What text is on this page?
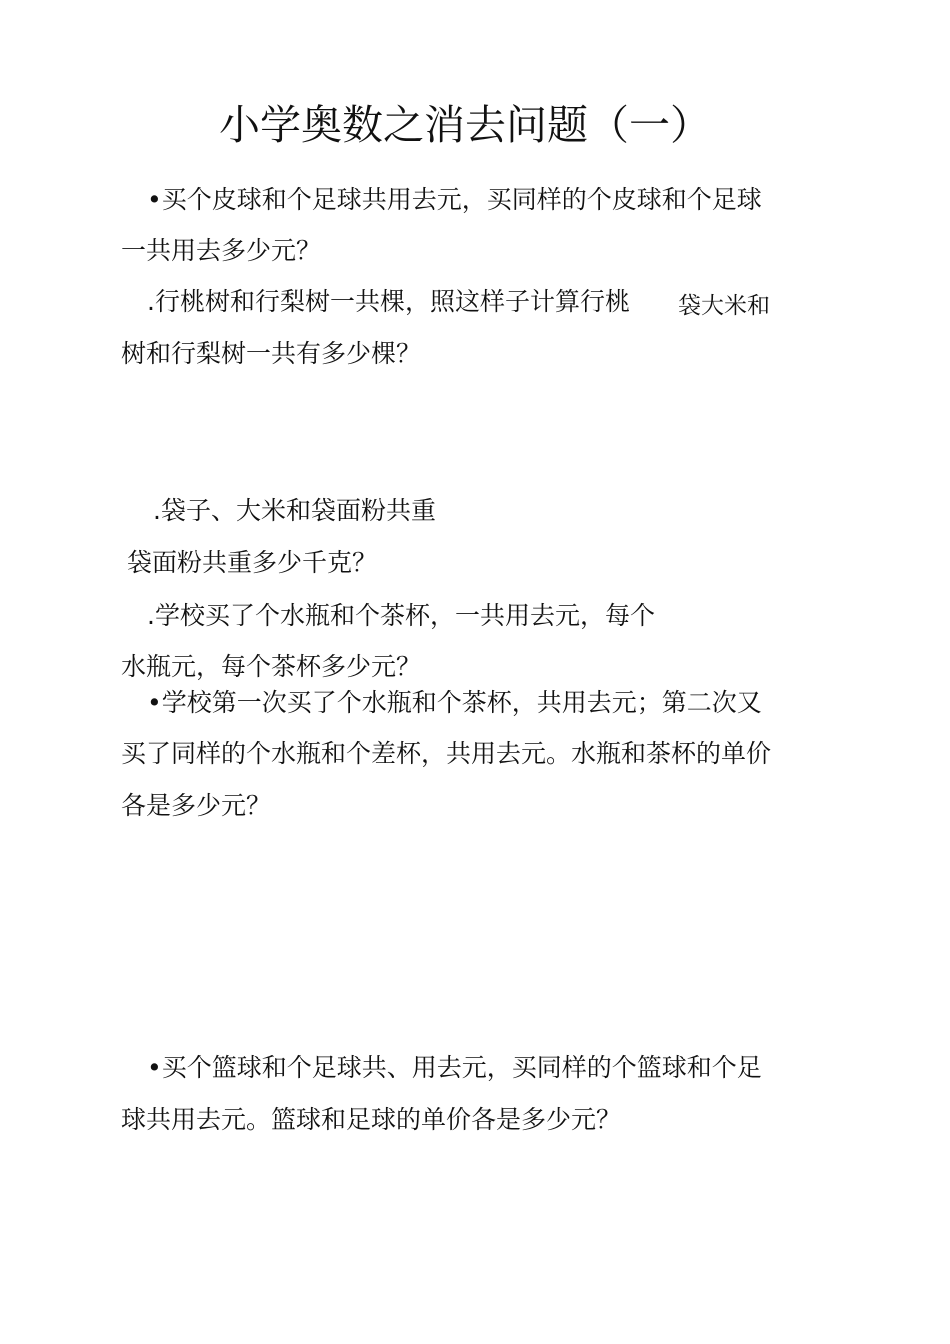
小学奥数之消去问题（一）
•买个皮球和个足球共用去元，买同样的个皮球和个足球
一共用去多少元？
.行桃树和行梨树一共棵，照这样子计算行桃 袋大米和
树和行梨树一共有多少棵？
.袋子、大米和袋面粉共重
袋面粉共重多少千克？
.学校买了个水瓶和个茶杯，一共用去元，每个
水瓶元，每个茶杯多少元？
•学校第一次买了个水瓶和个茶杯，共用去元；第二次又
买了同样的个水瓶和个差杯，共用去元。水瓶和茶杯的单价
各是多少元？
•买个篮球和个足球共、用去元，买同样的个篮球和个足
球共用去元。篮球和足球的单价各是多少元？
